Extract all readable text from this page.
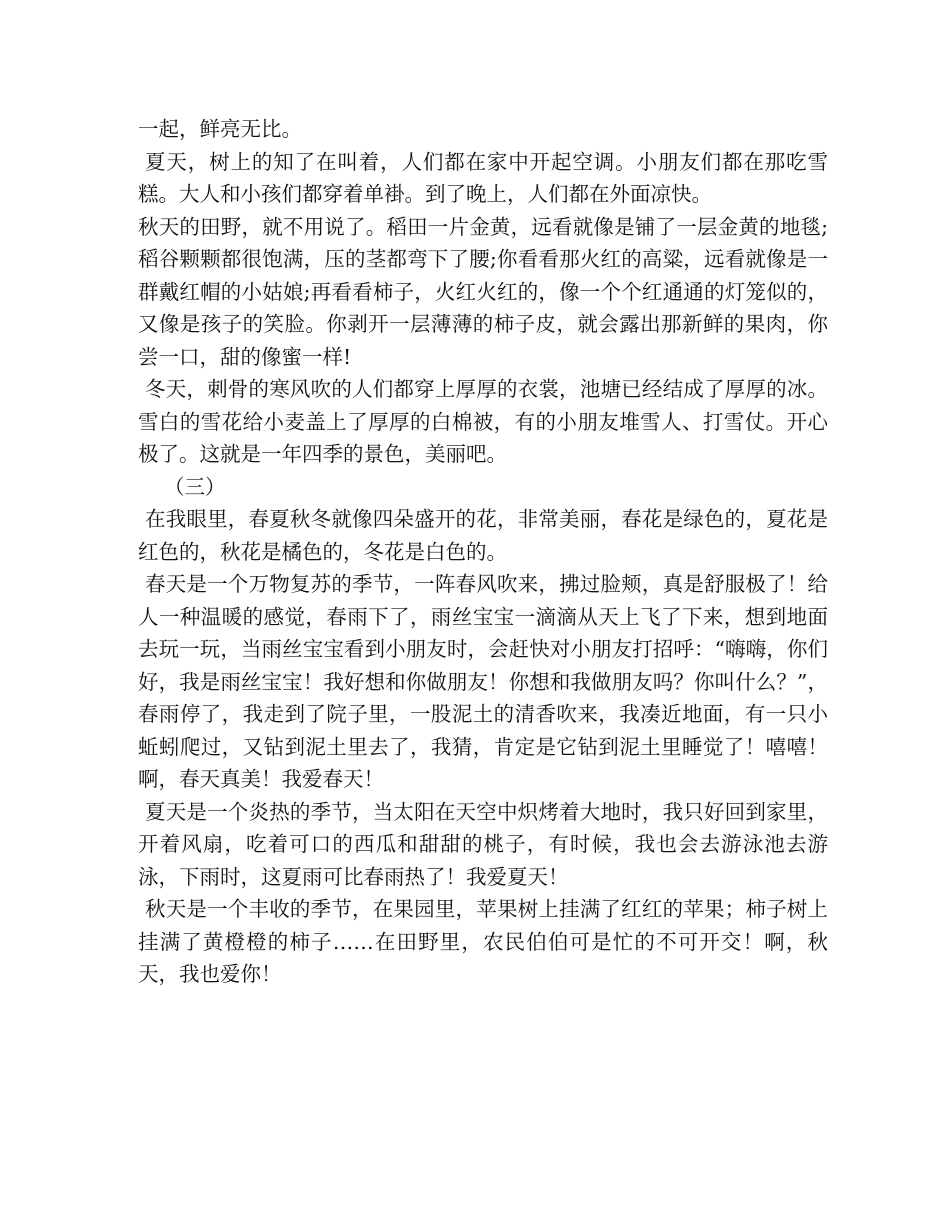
一起，鲜亮无比。

夏天，树上的知了在叫着，人们都在家中开起空调。小朋友们都在那吃雪糕。大人和小孩们都穿着单褂。到了晚上，人们都在外面凉快。

秋天的田野，就不用说了。稻田一片金黄，远看就像是铺了一层金黄的地毯;稻谷颗颗都很饱满，压的茎都弯下了腰;你看看那火红的高粱，远看就像是一群戴红帽的小姑娘;再看看柿子，火红火红的，像一个个红通通的灯笼似的，又像是孩子的笑脸。你剥开一层薄薄的柿子皮，就会露出那新鲜的果肉，你尝一口，甜的像蜜一样!

冬天，刺骨的寒风吹的人们都穿上厚厚的衣裳，池塘已经结成了厚厚的冰。雪白的雪花给小麦盖上了厚厚的白棉被，有的小朋友堆雪人、打雪仗。开心极了。这就是一年四季的景色，美丽吧。

（三）

在我眼里，春夏秋冬就像四朵盛开的花，非常美丽，春花是绿色的，夏花是红色的，秋花是橘色的，冬花是白色的。

春天是一个万物复苏的季节，一阵春风吹来，拂过脸颊，真是舒服极了！给人一种温暖的感觉，春雨下了，雨丝宝宝一滴滴从天上飞了下来，想到地面去玩一玩，当雨丝宝宝看到小朋友时，会赶快对小朋友打招呼：“嗨嗨，你们好，我是雨丝宝宝！我好想和你做朋友！你想和我做朋友吗？你叫什么？”，春雨停了，我走到了院子里，一股泥土的清香吹来，我凑近地面，有一只小蚯蚓爬过，又钻到泥土里去了，我猜，肯定是它钻到泥土里睡觉了！嘻嘻！啊，春天真美！我爱春天！

夏天是一个炎热的季节，当太阳在天空中炽烤着大地时，我只好回到家里，开着风扇，吃着可口的西瓜和甜甜的桃子，有时候，我也会去游泳池去游泳，下雨时，这夏雨可比春雨热了！我爱夏天！

秋天是一个丰收的季节，在果园里，苹果树上挂满了红红的苹果；柿子树上挂满了黄橙橙的柿子……在田野里，农民伯伯可是忙的不可开交！啊，秋天，我也爱你！
